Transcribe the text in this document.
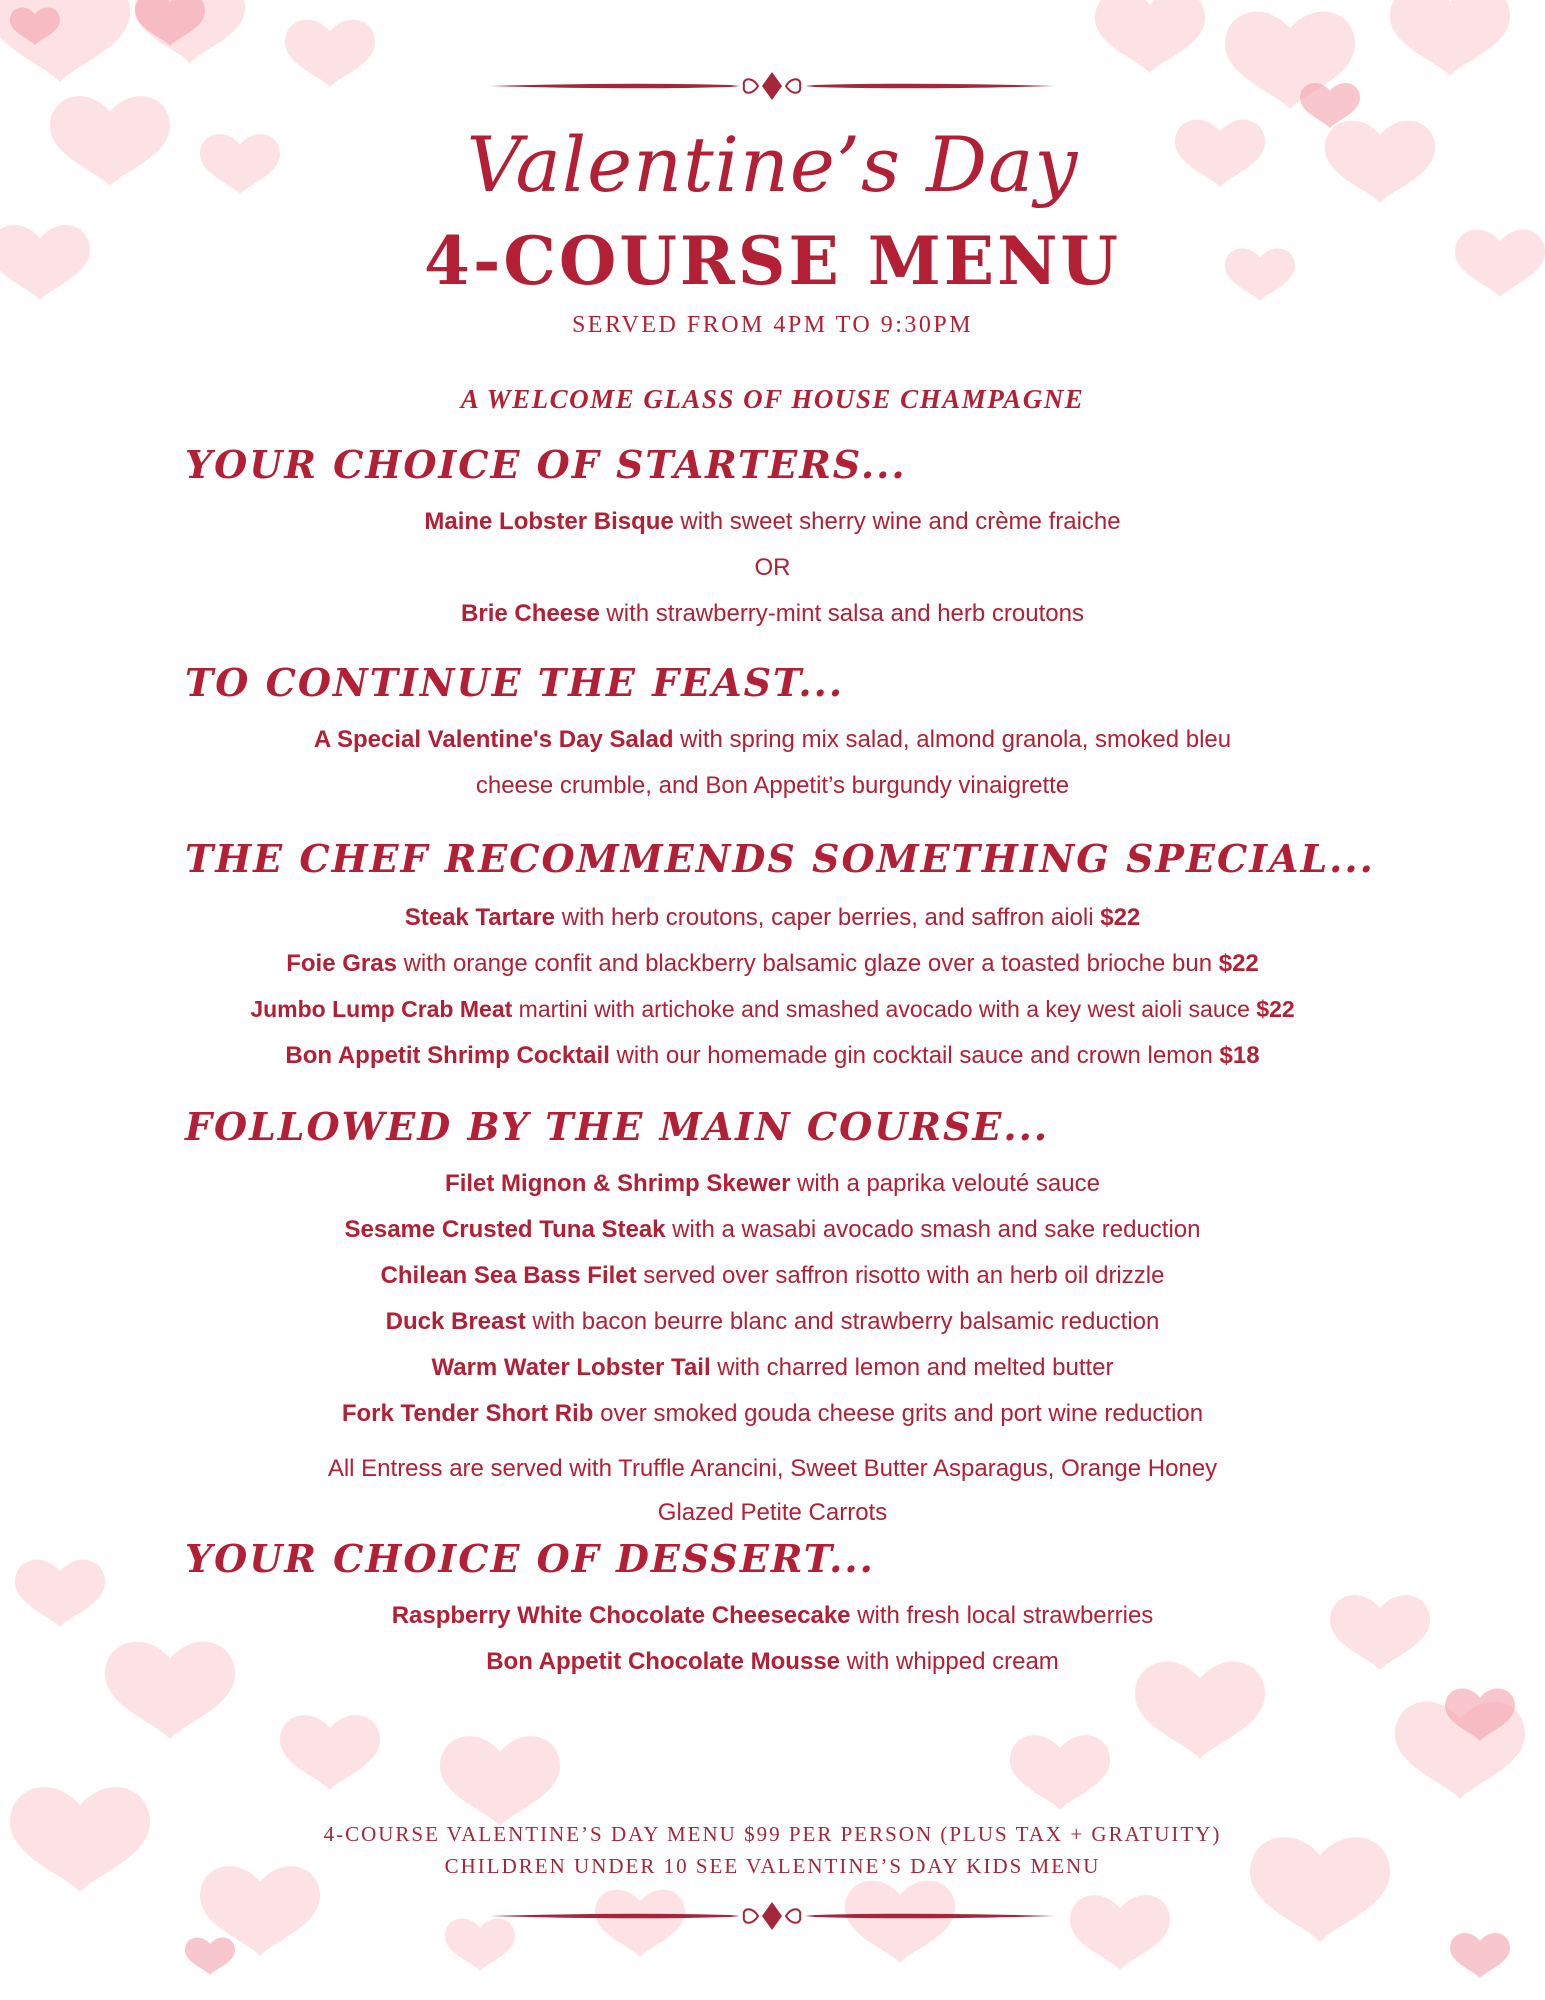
Valentine’s Day
4-COURSE MENU
SERVED FROM 4PM TO 9:30PM
A WELCOME GLASS OF HOUSE CHAMPAGNE
YOUR CHOICE OF STARTERS...
Maine Lobster Bisque with sweet sherry wine and crème fraiche
OR
Brie Cheese with strawberry-mint salsa and herb croutons
TO CONTINUE THE FEAST...
A Special Valentine's Day Salad with spring mix salad, almond granola, smoked bleu
cheese crumble, and Bon Appetit’s burgundy vinaigrette
THE CHEF RECOMMENDS SOMETHING SPECIAL...
Steak Tartare with herb croutons, caper berries, and saffron aioli $22
Foie Gras with orange confit and blackberry balsamic glaze over a toasted brioche bun $22
Jumbo Lump Crab Meat martini with artichoke and smashed avocado with a key west aioli sauce $22
Bon Appetit Shrimp Cocktail with our homemade gin cocktail sauce and crown lemon $18
FOLLOWED BY THE MAIN COURSE...
Filet Mignon & Shrimp Skewer with a paprika velouté sauce
Sesame Crusted Tuna Steak with a wasabi avocado smash and sake reduction
Chilean Sea Bass Filet served over saffron risotto with an herb oil drizzle
Duck Breast with bacon beurre blanc and strawberry balsamic reduction
Warm Water Lobster Tail with charred lemon and melted butter
Fork Tender Short Rib over smoked gouda cheese grits and port wine reduction
All Entress are served with Truffle Arancini, Sweet Butter Asparagus, Orange Honey
Glazed Petite Carrots
YOUR CHOICE OF DESSERT...
Raspberry White Chocolate Cheesecake with fresh local strawberries
Bon Appetit Chocolate Mousse with whipped cream
4-COURSE VALENTINE’S DAY MENU $99 PER PERSON (PLUS TAX + GRATUITY)
CHILDREN UNDER 10 SEE VALENTINE’S DAY KIDS MENU
